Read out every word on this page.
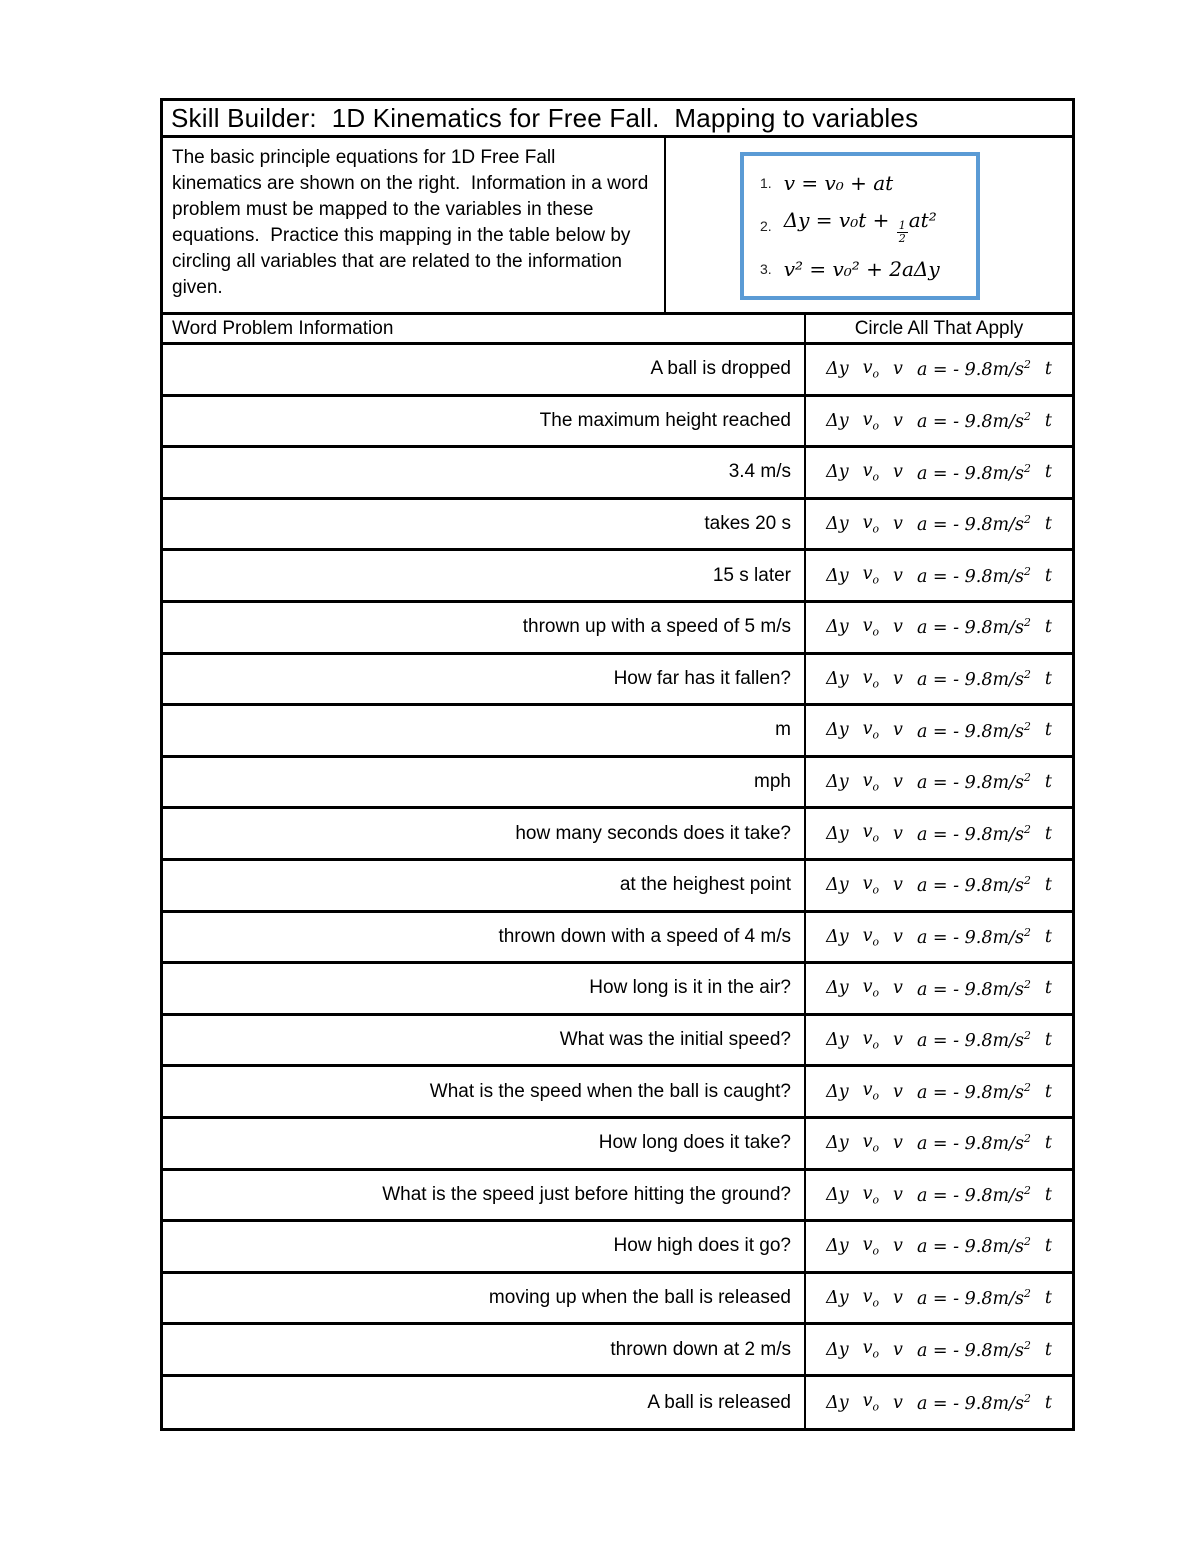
Skill Builder:  1D Kinematics for Free Fall.  Mapping to variables
The basic principle equations for 1D Free Fall kinematics are shown on the right.  Information in a word problem must be mapped to the variables in these equations.  Practice this mapping in the table below by circling all variables that are related to the information given.
1. v = v₀ + at
2. Δy = v₀t +
$\frac{1}{2}$
at²
3. v² = v₀² + 2aΔy
Word Problem Information	Circle All That Apply
A ball is dropped	Δy $v_o$ v a = - $9.8m/s^2$ t
The maximum height reached	Δy $v_o$ v a = - $9.8m/s^2$ t
3.4 m/s	Δy $v_o$ v a = - $9.8m/s^2$ t
takes 20 s	Δy $v_o$ v a = - $9.8m/s^2$ t
15 s later	Δy $v_o$ v a = - $9.8m/s^2$ t
thrown up with a speed of 5 m/s	Δy $v_o$ v a = - $9.8m/s^2$ t
How far has it fallen?	Δy $v_o$ v a = - $9.8m/s^2$ t
m	Δy $v_o$ v a = - $9.8m/s^2$ t
mph	Δy $v_o$ v a = - $9.8m/s^2$ t
how many seconds does it take?	Δy $v_o$ v a = - $9.8m/s^2$ t
at the heighest point	Δy $v_o$ v a = - $9.8m/s^2$ t
thrown down with a speed of 4 m/s	Δy $v_o$ v a = - $9.8m/s^2$ t
How long is it in the air?	Δy $v_o$ v a = - $9.8m/s^2$ t
What was the initial speed?	Δy $v_o$ v a = - $9.8m/s^2$ t
What is the speed when the ball is caught?	Δy $v_o$ v a = - $9.8m/s^2$ t
How long does it take?	Δy $v_o$ v a = - $9.8m/s^2$ t
What is the speed just before hitting the ground?	Δy $v_o$ v a = - $9.8m/s^2$ t
How high does it go?	Δy $v_o$ v a = - $9.8m/s^2$ t
moving up when the ball is released	Δy $v_o$ v a = - $9.8m/s^2$ t
thrown down at 2 m/s	Δy $v_o$ v a = - $9.8m/s^2$ t
A ball is released	Δy $v_o$ v a = - $9.8m/s^2$ t
